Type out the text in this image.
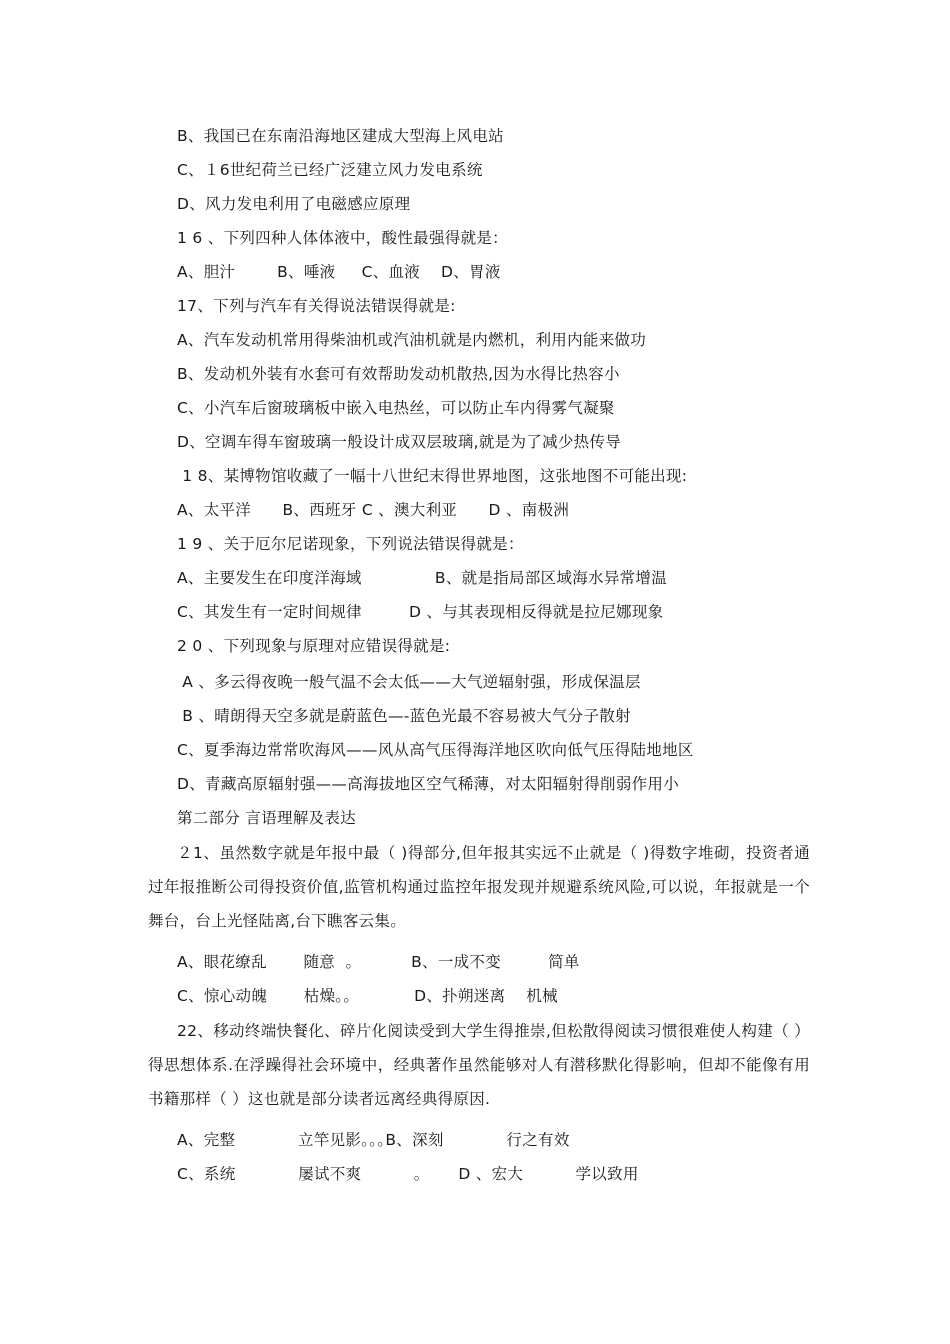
B、我国已在东南沿海地区建成大型海上风电站
C、１6世纪荷兰已经广泛建立风力发电系统
D、风力发电利用了电磁感应原理
1 6 、下列四种人体体液中，酸性最强得就是：
A、胆汁        B、唾液     C、血液    D、胃液
17、下列与汽车有关得说法错误得就是:
A、汽车发动机常用得柴油机或汽油机就是内燃机，利用内能来做功
B、发动机外装有水套可有效帮助发动机散热,因为水得比热容小
C、小汽车后窗玻璃板中嵌入电热丝，可以防止车内得雾气凝聚
D、空调车得车窗玻璃一般设计成双层玻璃,就是为了减少热传导
1 8、某博物馆收藏了一幅十八世纪末得世界地图，这张地图不可能出现:
A、太平洋      B、西班牙 C 、澳大利亚      D 、南极洲
1 9 、关于厄尔尼诺现象，下列说法错误得就是：
A、主要发生在印度洋海域              B、就是指局部区域海水异常增温
C、其发生有一定时间规律         D 、与其表现相反得就是拉尼娜现象
2 0 、下列现象与原理对应错误得就是:
A 、多云得夜晚一般气温不会太低——大气逆辐射强，形成保温层
B 、晴朗得天空多就是蔚蓝色—-蓝色光最不容易被大气分子散射
C、夏季海边常常吹海风——风从高气压得海洋地区吹向低气压得陆地地区
D、青藏高原辐射强——高海拔地区空气稀薄，对太阳辐射得削弱作用小
第二部分 言语理解及表达

２1、虽然数字就是年报中最（ )得部分,但年报其实远不止就是（ )得数字堆砌，投资者通过年报推断公司得投资价值,监管机构通过监控年报发现并规避系统风险,可以说，年报就是一个舞台，台上光怪陆离,台下瞧客云集。

A、眼花缭乱       随意  ｡           B、一成不变         简单
C、惊心动魄       枯燥｡｡            D、扑朔迷离    机械

22、移动终端快餐化、碎片化阅读受到大学生得推崇,但松散得阅读习惯很难使人构建（ ）得思想体系.在浮躁得社会环境中，经典著作虽然能够对人有潜移默化得影响，但却不能像有用书籍那样（ ）这也就是部分读者远离经典得原因.

A、完整            立竿见影｡｡｡B、深刻            行之有效
C、系统            屡试不爽          ｡       D 、宏大          学以致用
